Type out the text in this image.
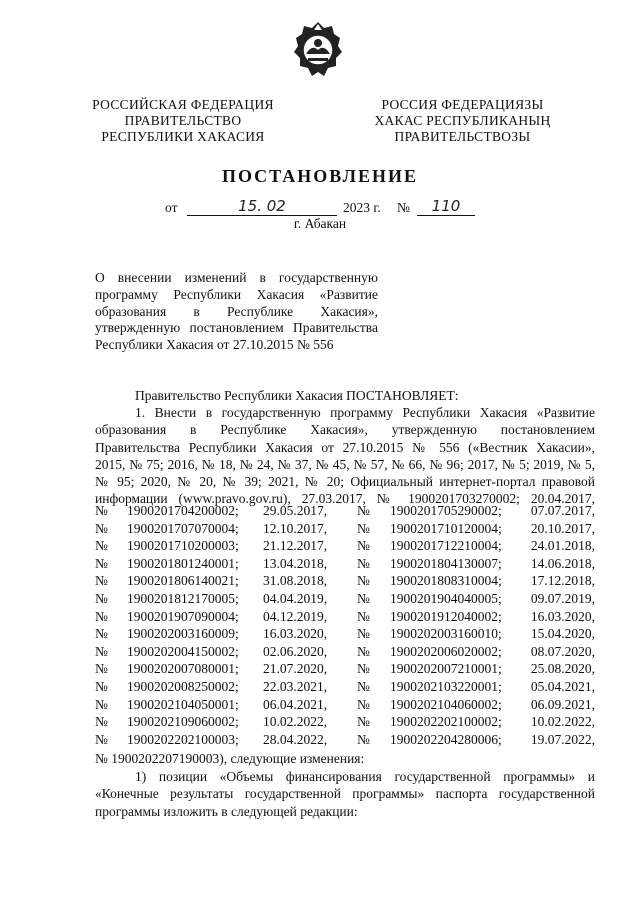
РОССИЙСКАЯ ФЕДЕРАЦИЯ
ПРАВИТЕЛЬСТВО
РЕСПУБЛИКИ ХАКАСИЯ
РОССИЯ ФЕДЕРАЦИЯЗЫ
ХАКАС РЕСПУБЛИКАНЫҢ
ПРАВИТЕЛЬСТВОЗЫ
ПОСТАНОВЛЕНИЕ
от	15. 02	2023 г. №	110
г. Абакан
О внесении изменений в государственную
программу Республики Хакасия «Развитие
образования в Республике Хакасия»,
утвержденную постановлением Правительства
Республики Хакасия от 27.10.2015 № 556
Правительство Республики Хакасия ПОСТАНОВЛЯЕТ:
1. Внести в государственную программу Республики Хакасия «Развитие
образования в Республике Хакасия», утвержденную постановлением
Правительства Республики Хакасия от 27.10.2015 № 556 («Вестник Хакасии»,
2015, № 75; 2016, № 18, № 24, № 37, № 45, № 57, № 66, № 96; 2017, № 5; 2019, № 5,
№ 95; 2020, № 20, № 39; 2021, № 20; Официальный интернет-портал правовой
информации (www.pravo.gov.ru), 27.03.2017, № 1900201703270002; 20.04.2017,
№ 1900201704200002; 29.05.2017, № 1900201705290002; 07.07.2017,
№ 1900201707070004; 12.10.2017, № 1900201710120004; 20.10.2017,
№ 1900201710200003; 21.12.2017, № 1900201712210004; 24.01.2018,
№ 1900201801240001; 13.04.2018, № 1900201804130007; 14.06.2018,
№ 1900201806140021; 31.08.2018, № 1900201808310004; 17.12.2018,
№ 1900201812170005; 04.04.2019, № 1900201904040005; 09.07.2019,
№ 1900201907090004; 04.12.2019, № 1900201912040002; 16.03.2020,
№ 1900202003160009; 16.03.2020, № 1900202003160010; 15.04.2020,
№ 1900202004150002; 02.06.2020, № 1900202006020002; 08.07.2020,
№ 1900202007080001; 21.07.2020, № 1900202007210001; 25.08.2020,
№ 1900202008250002; 22.03.2021, № 1900202103220001; 05.04.2021,
№ 1900202104050001; 06.04.2021, № 1900202104060002; 06.09.2021,
№ 1900202109060002; 10.02.2022, № 1900202202100002; 10.02.2022,
№ 1900202202100003; 28.04.2022, № 1900202204280006; 19.07.2022,
№ 1900202207190003), следующие изменения:
1) позиции «Объемы финансирования государственной программы» и
«Конечные результаты государственной программы» паспорта государственной
программы изложить в следующей редакции:
